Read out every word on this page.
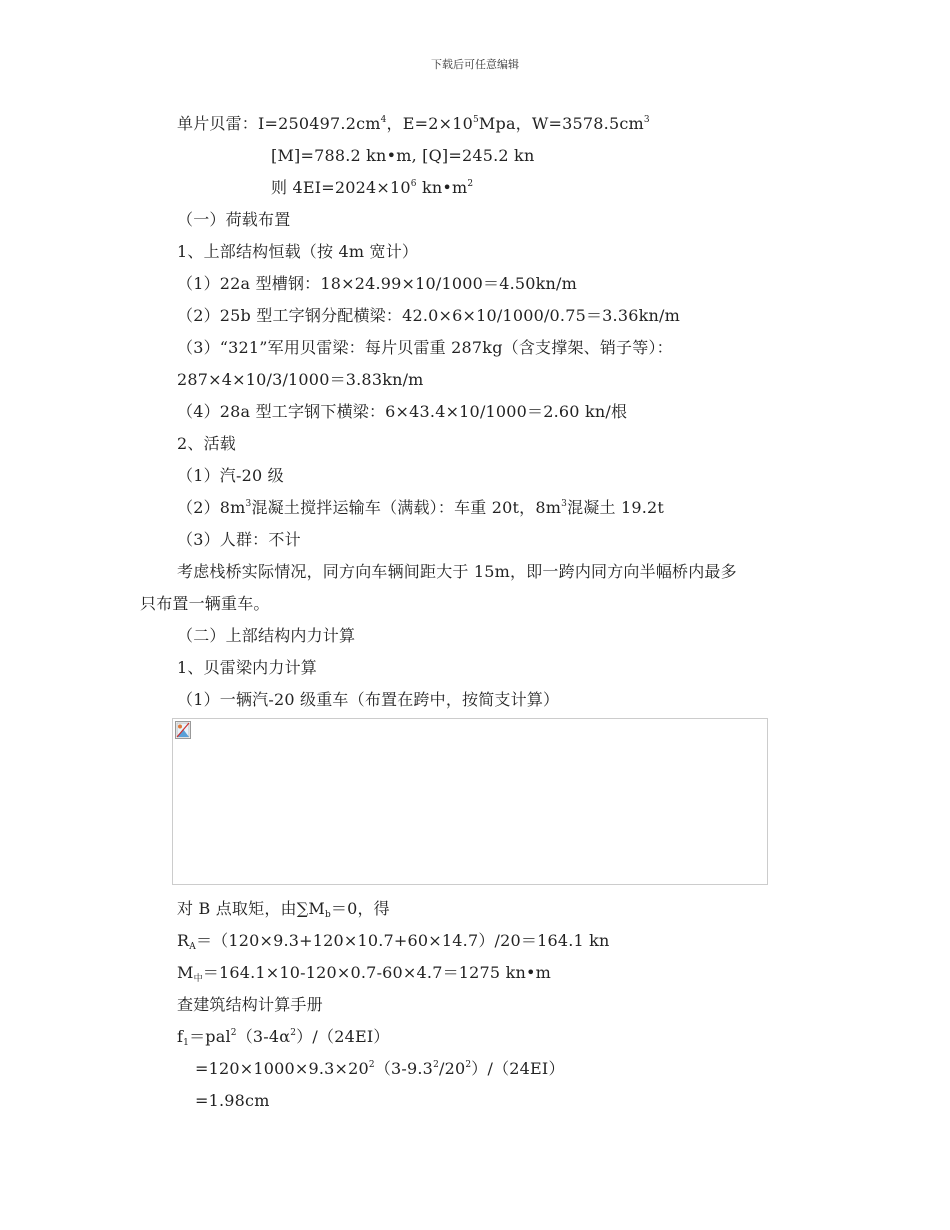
下载后可任意编辑
单片贝雷：$I=250497.2cm^4$，$E=2\times 10^5Mpa$，$W=3578.5cm^3$
[M]=788.2 kn•m, [Q]=245.2 kn
则 $4EI=2024\times 10^6$ $kn•m^2$
（一）荷载布置
1、上部结构恒载（按 4m 宽计）
（1）22a 型槽钢：18×24.99×10/1000＝4.50kn/m
（2）25b 型工字钢分配横梁：42.0×6×10/1000/0.75＝3.36kn/m
（3）“321”军用贝雷梁：每片贝雷重 287kg（含支撑架、销子等）：
287×4×10/3/1000＝3.83kn/m
（4）28a 型工字钢下横梁：6×43.4×10/1000＝2.60 kn/根
2、活载
（1）汽-20 级
$(2)8m^3$混凝土搅拌运输车（满载）：车重 20t，$8m^3$混凝土 19.2t
（3）人群：不计
考虑栈桥实际情况，同方向车辆间距大于 15m，即一跨内同方向半幅桥内最多
只布置一辆重车。
（二）上部结构内力计算
1、贝雷梁内力计算
（1）一辆汽-20 级重车（布置在跨中，按简支计算）
对 B 点取矩，由$\sum M_b=0$，得
$R_A=(120\times 9.3+120\times 10.7+60\times 14.7)/20=164.1$ kn
$M_中=164.1\times 10-120\times 0.7-60\times 4.7=1275$ kn•m
查建筑结构计算手册
$f_1=pal^2(3-4\alpha^2)/(24EI)$
$=120\times 1000\times 9.3\times 20^2(3-9.3^2/20^2)/(24EI)$
=1.98cm
